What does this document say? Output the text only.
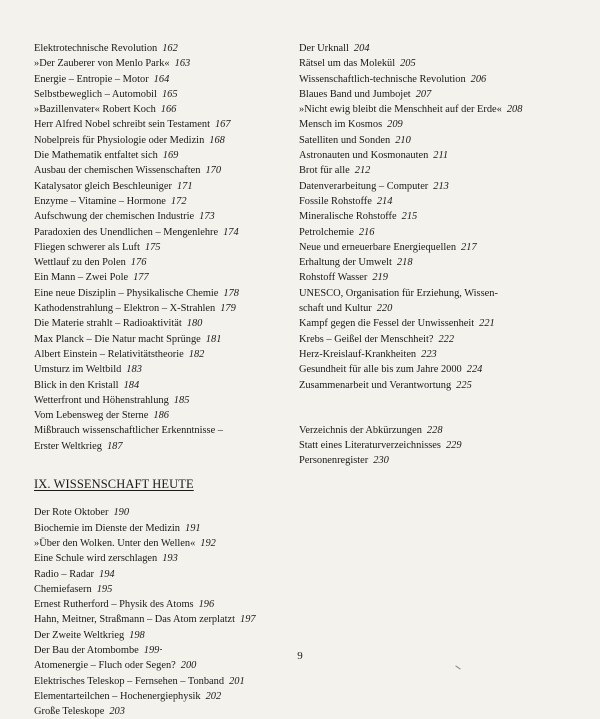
Elektrotechnische Revolution 162
»Der Zauberer von Menlo Park« 163
Energie – Entropie – Motor 164
Selbstbeweglich – Automobil 165
»Bazillenvater« Robert Koch 166
Herr Alfred Nobel schreibt sein Testament 167
Nobelpreis für Physiologie oder Medizin 168
Die Mathematik entfaltet sich 169
Ausbau der chemischen Wissenschaften 170
Katalysator gleich Beschleuniger 171
Enzyme – Vitamine – Hormone 172
Aufschwung der chemischen Industrie 173
Paradoxien des Unendlichen – Mengenlehre 174
Fliegen schwerer als Luft 175
Wettlauf zu den Polen 176
Ein Mann – Zwei Pole 177
Eine neue Disziplin – Physikalische Chemie 178
Kathodenstrahlung – Elektron – X-Strahlen 179
Die Materie strahlt – Radioaktivität 180
Max Planck – Die Natur macht Sprünge 181
Albert Einstein – Relativitätstheorie 182
Umsturz im Weltbild 183
Blick in den Kristall 184
Wetterfront und Höhenstrahlung 185
Vom Lebensweg der Sterne 186
Mißbrauch wissenschaftlicher Erkenntnisse –
Erster Weltkrieg 187
IX. WISSENSCHAFT HEUTE
Der Rote Oktober 190
Biochemie im Dienste der Medizin 191
»Über den Wolken. Unter den Wellen« 192
Eine Schule wird zerschlagen 193
Radio – Radar 194
Chemiefasern 195
Ernest Rutherford – Physik des Atoms 196
Hahn, Meitner, Straßmann – Das Atom zerplatzt 197
Der Zweite Weltkrieg 198
Der Bau der Atombombe 199
Atomenergie – Fluch oder Segen? 200
Elektrisches Teleskop – Fernsehen – Tonband 201
Elementarteilchen – Hochenergiephysik 202
Große Teleskope 203
Der Urknall 204
Rätsel um das Molekül 205
Wissenschaftlich-technische Revolution 206
Blaues Band und Jumbojet 207
»Nicht ewig bleibt die Menschheit auf der Erde« 208
Mensch im Kosmos 209
Satelliten und Sonden 210
Astronauten und Kosmonauten 211
Brot für alle 212
Datenverarbeitung – Computer 213
Fossile Rohstoffe 214
Mineralische Rohstoffe 215
Petrolchemie 216
Neue und erneuerbare Energiequellen 217
Erhaltung der Umwelt 218
Rohstoff Wasser 219
UNESCO, Organisation für Erziehung, Wissen-
schaft und Kultur 220
Kampf gegen die Fessel der Unwissenheit 221
Krebs – Geißel der Menschheit? 222
Herz-Kreislauf-Krankheiten 223
Gesundheit für alle bis zum Jahre 2000 224
Zusammenarbeit und Verantwortung 225
Verzeichnis der Abkürzungen 228
Statt eines Literaturverzeichnisses 229
Personenregister 230
9
